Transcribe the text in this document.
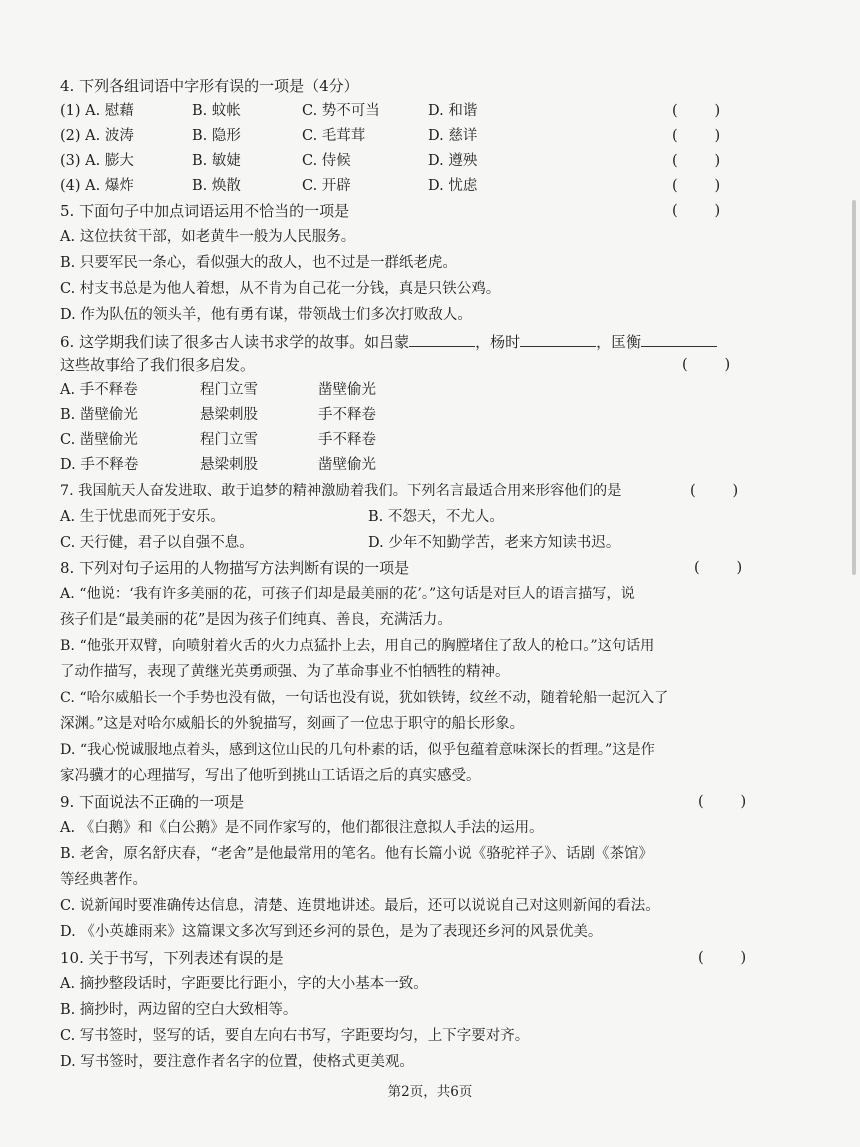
4. 下列各组词语中字形有误的一项是（4分）
(1) A. 慰藉	B. 蚊帐	C. 势不可当	D. 和谐	(        )
(2) A. 波涛	B. 隐形	C. 毛茸茸	D. 慈详	(        )
(3) A. 膨大	B. 敏婕	C. 侍候	D. 遵殃	(        )
(4) A. 爆炸	B. 焕散	C. 开辟	D. 忧虑	(        )
5. 下面句子中加点词语运用不恰当的一项是	(        )
A. 这位扶贫干部，如老黄牛一般为人民服务。
B. 只要军民一条心，看似强大的敌人，也不过是一群纸老虎。
C. 村支书总是为他人着想，从不肯为自己花一分钱，真是只铁公鸡。
D. 作为队伍的领头羊，他有勇有谋，带领战士们多次打败敌人。
6. 这学期我们读了很多古人读书求学的故事。如吕蒙	，杨时	，匡衡
这些故事给了我们很多启发。	(        )
A. 手不释卷	程门立雪	凿壁偷光
B. 凿壁偷光	悬梁刺股	手不释卷
C. 凿壁偷光	程门立雪	手不释卷
D. 手不释卷	悬梁刺股	凿壁偷光
7. 我国航天人奋发进取、敢于追梦的精神激励着我们。下列名言最适合用来形容他们的是	(        )
A. 生于忧患而死于安乐。	B. 不怨天，不尤人。
C. 天行健，君子以自强不息。	D. 少年不知勤学苦，老来方知读书迟。
8. 下列对句子运用的人物描写方法判断有误的一项是	(        )
A. “他说：‘我有许多美丽的花，可孩子们却是最美丽的花’。”这句话是对巨人的语言描写，说
孩子们是“最美丽的花”是因为孩子们纯真、善良，充满活力。
B. “他张开双臂，向喷射着火舌的火力点猛扑上去，用自己的胸膛堵住了敌人的枪口。”这句话用
了动作描写，表现了黄继光英勇顽强、为了革命事业不怕牺牲的精神。
C. “哈尔威船长一个手势也没有做，一句话也没有说，犹如铁铸，纹丝不动，随着轮船一起沉入了
深渊。”这是对哈尔威船长的外貌描写，刻画了一位忠于职守的船长形象。
D. “我心悦诚服地点着头，感到这位山民的几句朴素的话，似乎包蕴着意味深长的哲理。”这是作
家冯骥才的心理描写，写出了他听到挑山工话语之后的真实感受。
9. 下面说法不正确的一项是	(        )
A. 《白鹅》和《白公鹅》是不同作家写的，他们都很注意拟人手法的运用。
B. 老舍，原名舒庆春，“老舍”是他最常用的笔名。他有长篇小说《骆驼祥子》、话剧《茶馆》
等经典著作。
C. 说新闻时要准确传达信息，清楚、连贯地讲述。最后，还可以说说自己对这则新闻的看法。
D. 《小英雄雨来》这篇课文多次写到还乡河的景色，是为了表现还乡河的风景优美。
10. 关于书写，下列表述有误的是	(        )
A. 摘抄整段话时，字距要比行距小，字的大小基本一致。
B. 摘抄时，两边留的空白大致相等。
C. 写书签时，竖写的话，要自左向右书写，字距要均匀，上下字要对齐。
D. 写书签时，要注意作者名字的位置，使格式更美观。
第2页，共6页
